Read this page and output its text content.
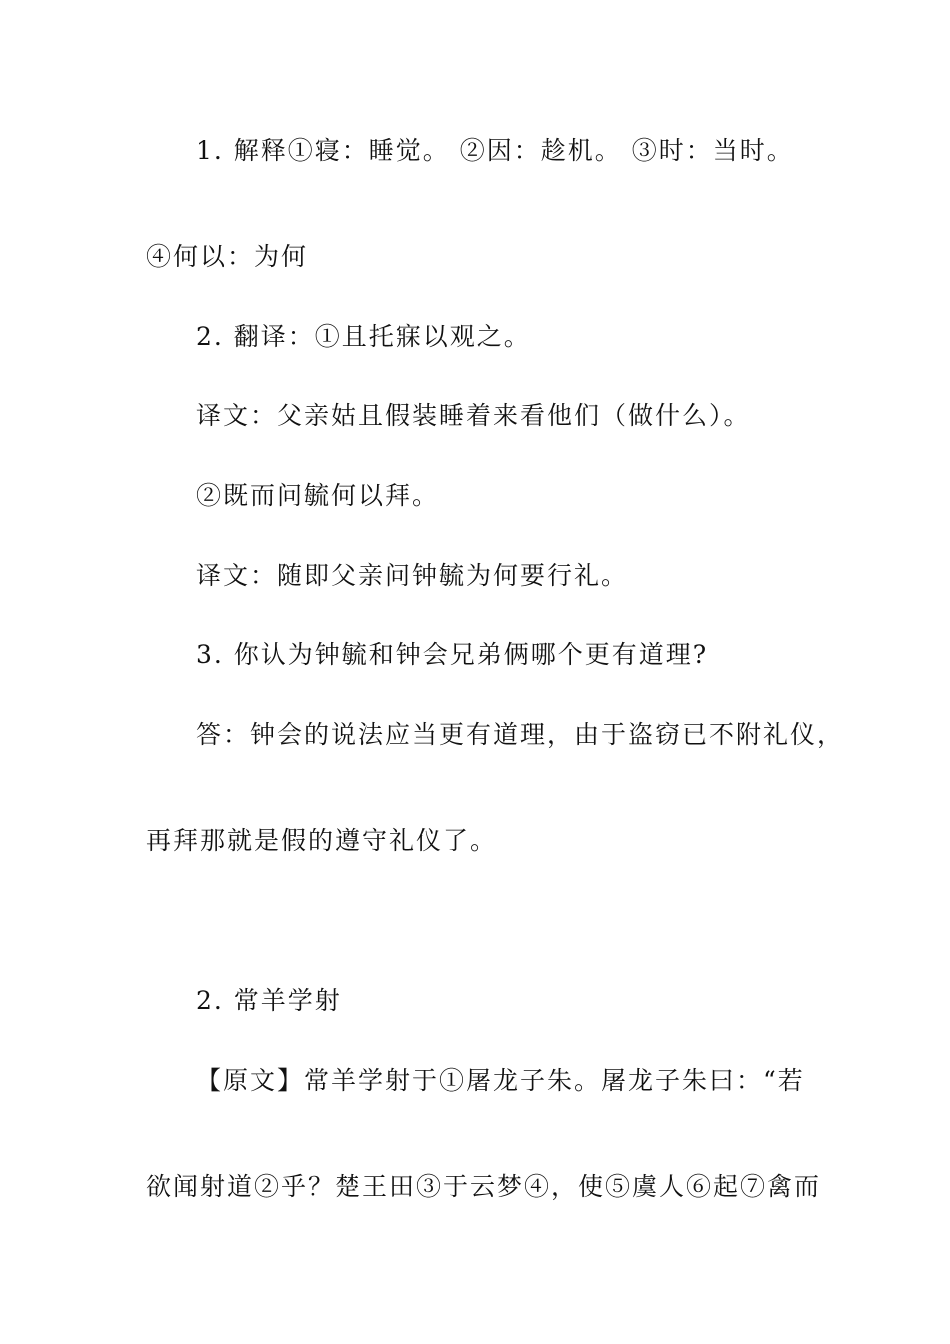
1. 解释①寝：睡觉。 ②因：趁机。 ③时：当时。
④何以：为何
2. 翻译：①且托寐以观之。
译文：父亲姑且假装睡着来看他们（做什么）。
②既而问毓何以拜。
译文：随即父亲问钟毓为何要行礼。
3. 你认为钟毓和钟会兄弟俩哪个更有道理?
答：钟会的说法应当更有道理，由于盗窃已不附礼仪，
再拜那就是假的遵守礼仪了。
2. 常羊学射
【原文】常羊学射于①屠龙子朱。屠龙子朱曰：“若
欲闻射道②乎？楚王田③于云梦④，使⑤虞人⑥起⑦禽而
